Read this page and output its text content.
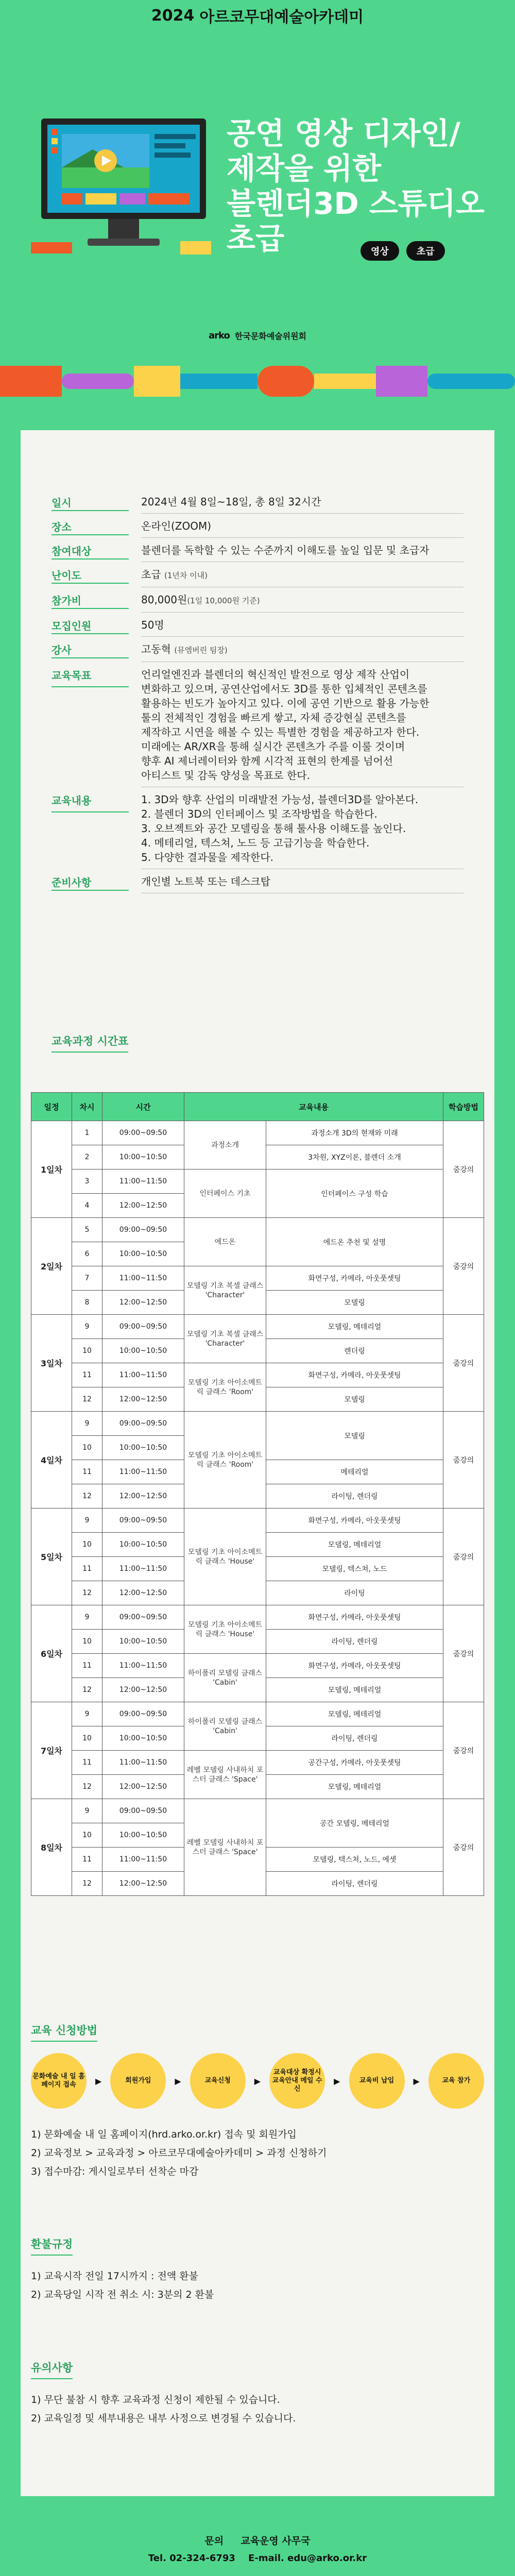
2024 아르코무대예술아카데미
공연 영상 디자인/
제작을 위한
블렌더3D 스튜디오
초급	영상	초급
arko 한국문화예술위원회
일시	2024년 4월 8일~18일, 총 8일 32시간
장소	온라인(ZOOM)
참여대상	블렌더를 독학할 수 있는 수준까지 이해도를 높일 입문 및 초급자
난이도	초급 (1년차 이내)
참가비	80,000원(1일 10,000원 기준)
모집인원	50명
강사	고동혁 (뮤엠버린 팀장)
교육목표	언리얼엔진과 블렌더의 혁신적인 발전으로 영상 제작 산업이

변화하고 있으며, 공연산업에서도 3D를 통한 입체적인 콘텐츠를

활용하는 빈도가 높아지고 있다. 이에 공연 기반으로 활용 가능한

툴의 전체적인 경험을 빠르게 쌓고, 자체 증강현실 콘텐츠를

제작하고 시연을 해볼 수 있는 특별한 경험을 제공하고자 한다.

미래에는 AR/XR을 통해 실시간 콘텐츠가 주를 이룰 것이며

향후 AI 제너레이터와 함께 시각적 표현의 한계를 넘어선

아티스트 및 감독 양성을 목표로 한다.

교육내용	1. 3D와 향후 산업의 미래발전 가능성, 블렌더3D를 알아본다.

2. 블렌더 3D의 인터페이스 및 조작방법을 학습한다.

3. 오브젝트와 공간 모델링을 통해 툴사용 이해도를 높인다.

4. 메테리얼, 텍스쳐, 노드 등 고급기능을 학습한다.

5. 다양한 결과물을 제작한다.

준비사항	개인별 노트북 또는 데스크탑
교육과정 시간표
일정	차시	시간	교육내용		학습방법
1일차	1	09:00~09:50	과정소개	과정소개 3D의 현재와 미래	줌강의
	2	10:00~10:50		3차원, XYZ이론, 블렌더 소개	
	3	11:00~11:50	인터페이스 기초	인터페이스 구성 학습	
	4	12:00~12:50			
2일차	5	09:00~09:50	에드온	에드온 추천 및 설명	줌강의
	6	10:00~10:50			
	7	11:00~11:50	모델링 기초 복셀 클래스 'Character'	화면구성, 카메라, 아웃풋셋팅	
	8	12:00~12:50		모델링	
3일차	9	09:00~09:50	모델링 기초 복셀 클래스 'Character'	모델링, 메테리얼	줌강의
	10	10:00~10:50		렌더링	
	11	11:00~11:50	모델링 기초 아이소메트릭 클래스 'Room'	화면구성, 카메라, 아웃풋셋팅	
	12	12:00~12:50		모델링	
4일차	9	09:00~09:50	모델링 기초 아이소메트릭 클래스 'Room'	모델링	줌강의
	10	10:00~10:50			
	11	11:00~11:50		메테리얼	
	12	12:00~12:50		라이팅, 렌더링	
5일차	9	09:00~09:50	모델링 기초 아이소메트릭 클래스 'House'	화면구성, 카메라, 아웃풋셋팅	줌강의
	10	10:00~10:50		모델링, 메테리얼	
	11	11:00~11:50		모델링, 텍스쳐, 노드	
	12	12:00~12:50		라이팅	
6일차	9	09:00~09:50	모델링 기초 아이소메트릭 클래스 'House'	화면구성, 카메라, 아웃풋셋팅	줌강의
	10	10:00~10:50		라이팅, 렌더링	
	11	11:00~11:50	하이폴리 모델링 클래스 'Cabin'	화면구성, 카메라, 아웃풋셋팅	
	12	12:00~12:50		모델링, 메테리얼	
7일차	9	09:00~09:50	하이폴리 모델링 클래스 'Cabin'	모델링, 메테리얼	줌강의
	10	10:00~10:50		라이팅, 렌더링	
	11	11:00~11:50	레벨 모델링 사내하치 포스터 클래스 'Space'	공간구성, 카메라, 아웃풋셋팅	
	12	12:00~12:50		모델링, 메테리얼	
8일차	9	09:00~09:50	레벨 모델링 사내하치 포스터 클래스 'Space'	공간 모델링, 메테리얼	줌강의
	10	10:00~10:50			
	11	11:00~11:50		모델링, 텍스쳐, 노드, 에셋	
	12	12:00~12:50		라이팅, 렌더링	
교육 신청방법
문화예술 내 일 홈페이지 접속	▶	회원가입	▶	교육신청	▶
교육대상 확정시 교육안내 메일 수신
▶	교육비 납입	▶	교육 참가
1) 문화예술 내 일 홈페이지(hrd.arko.or.kr) 접속 및 회원가입
2) 교육정보 > 교육과정 > 아르코무대예술아카데미 > 과정 신청하기
3) 접수마감: 게시일로부터 선착순 마감
환불규정
1) 교육시작 전일 17시까지 : 전액 환불
2) 교육당일 시작 전 취소 시: 3분의 2 환불
유의사항
1) 무단 불참 시 향후 교육과정 신청이 제한될 수 있습니다.
2) 교육일정 및 세부내용은 내부 사정으로 변경될 수 있습니다.
문의 교육운영 사무국
Tel. 02-324-6793 E-mail. edu@arko.or.kr
